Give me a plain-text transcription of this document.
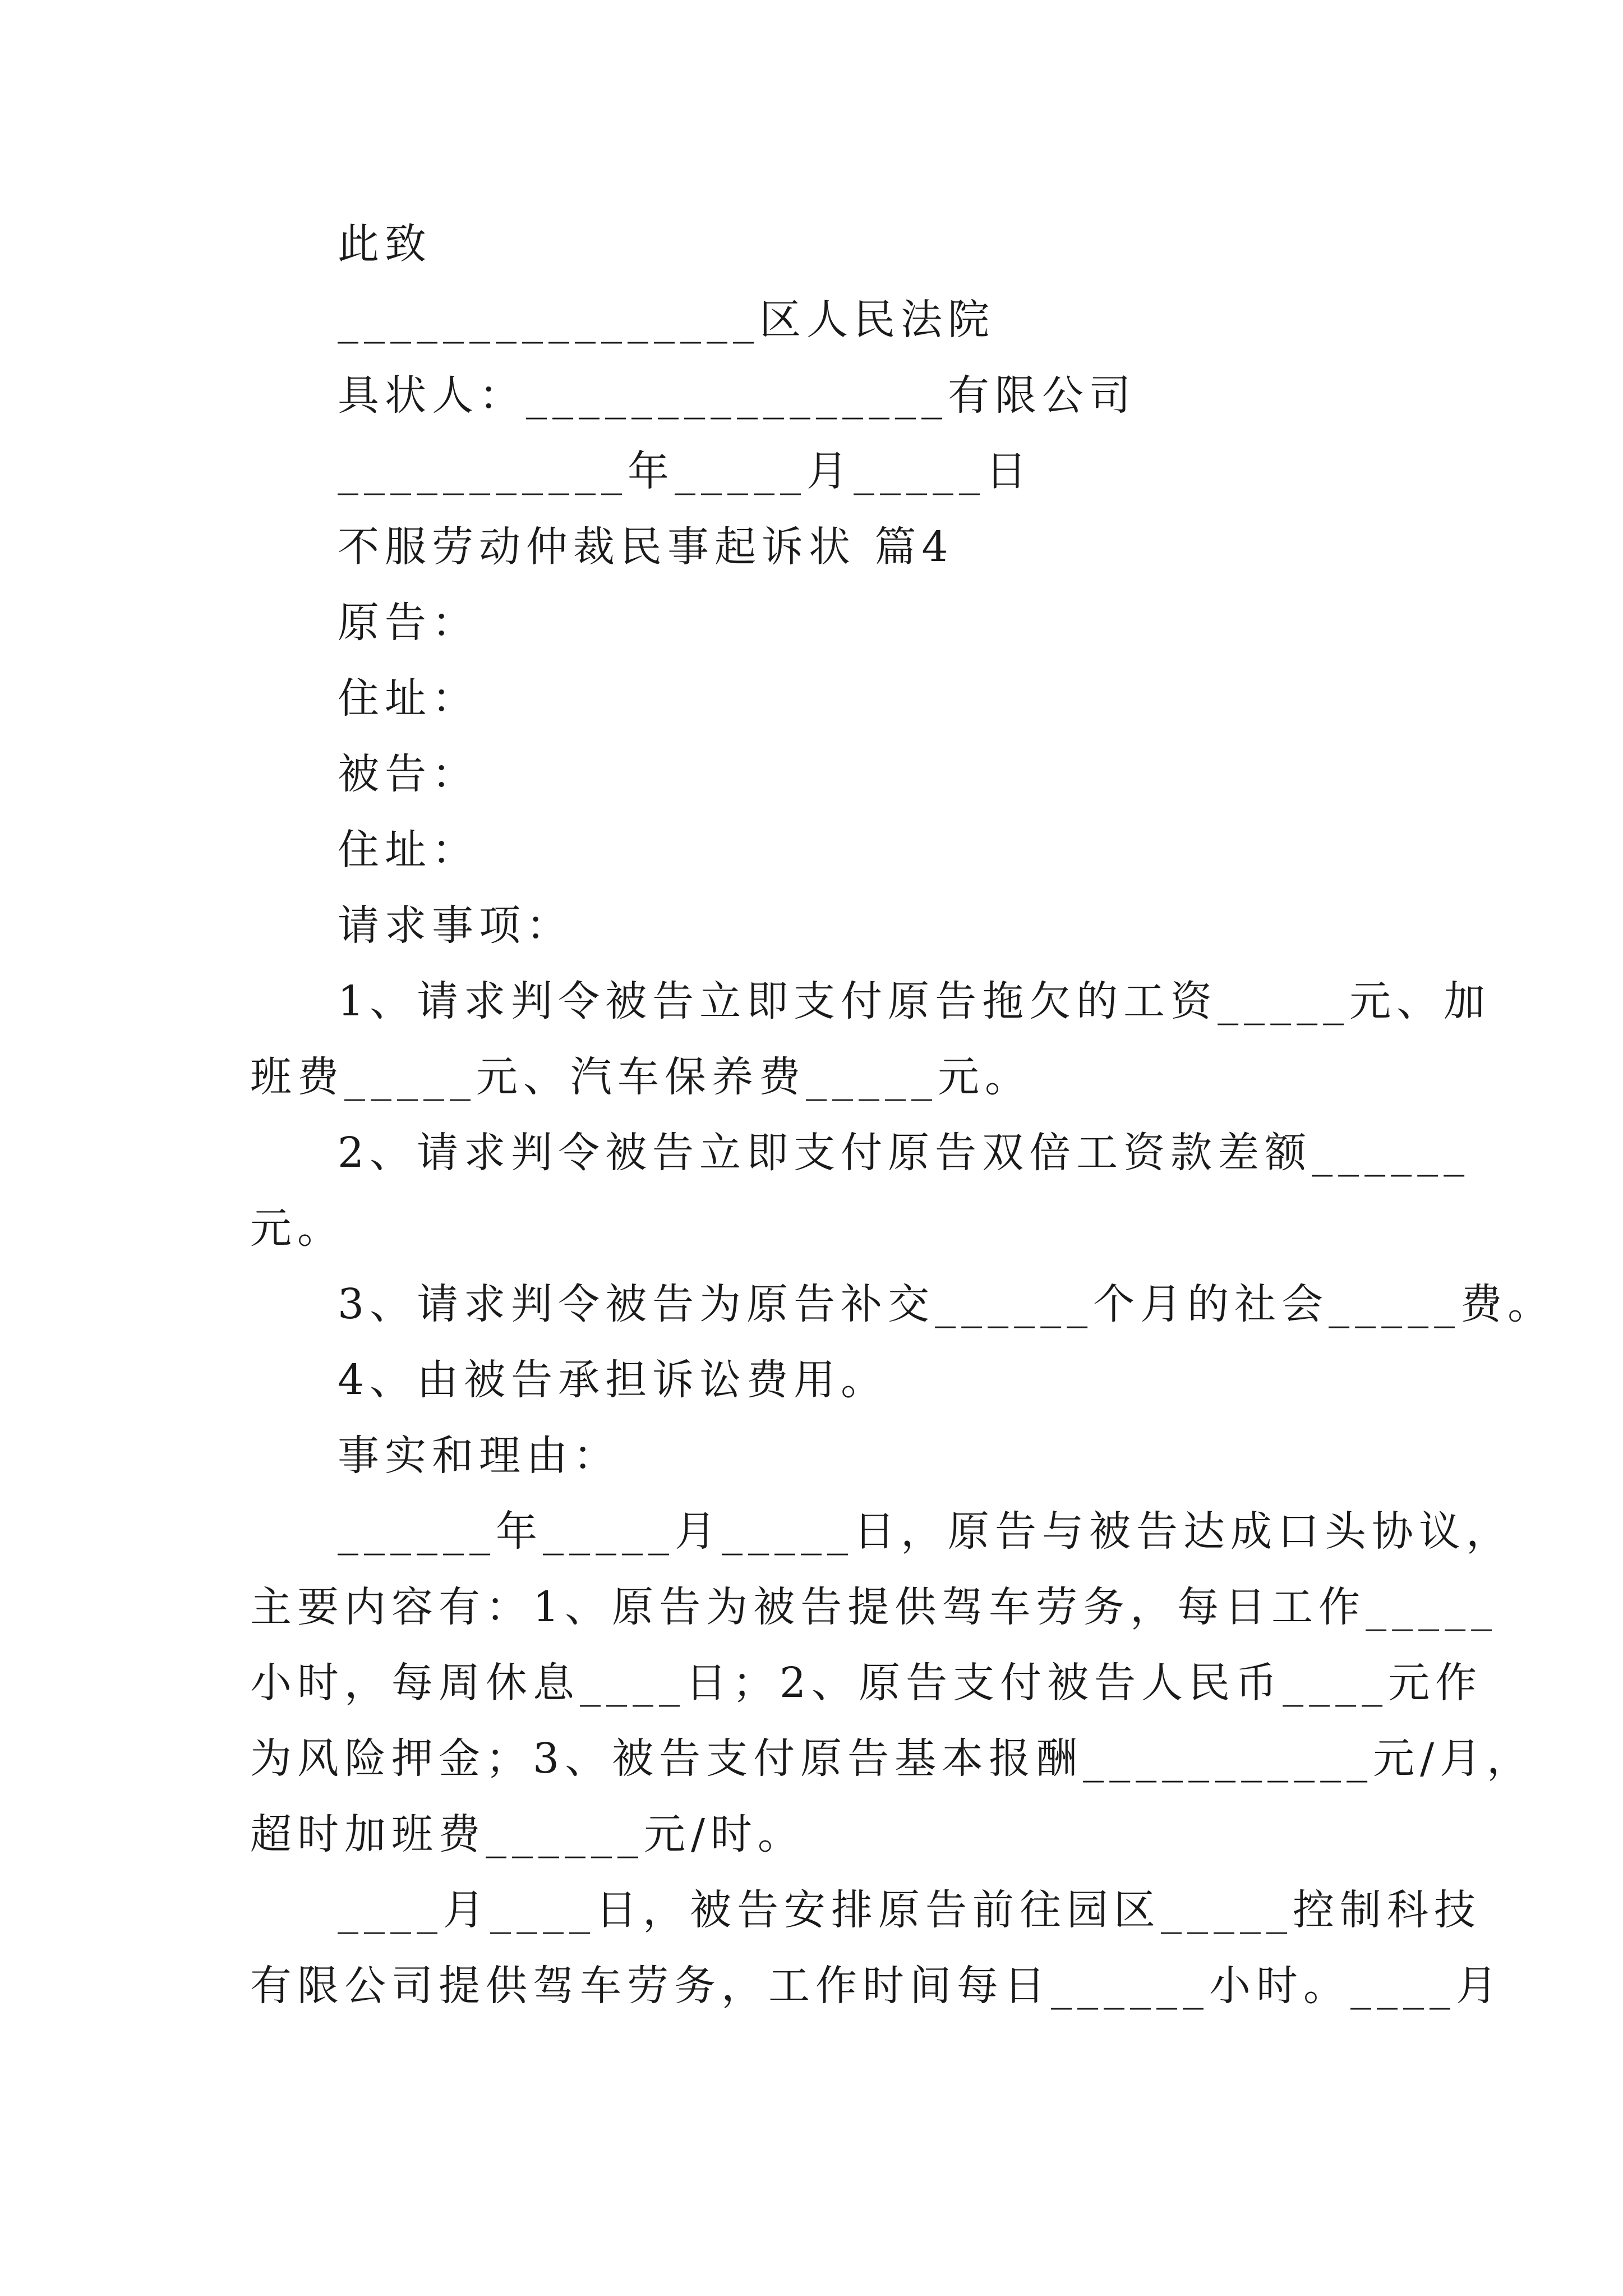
此致
________________区人民法院
具状人：________________有限公司
___________年_____月_____日
不服劳动仲裁民事起诉状 篇4
原告：
住址：
被告：
住址：
请求事项：
1、请求判令被告立即支付原告拖欠的工资_____元、加
班费_____元、汽车保养费_____元。
2、请求判令被告立即支付原告双倍工资款差额______
元。
3、请求判令被告为原告补交______个月的社会_____费。
4、由被告承担诉讼费用。
事实和理由：
______年_____月_____日，原告与被告达成口头协议，
主要内容有：1、原告为被告提供驾车劳务，每日工作_____
小时，每周休息____日；2、原告支付被告人民币____元作
为风险押金；3、被告支付原告基本报酬___________元/月，
超时加班费______元/时。
____月____日，被告安排原告前往园区_____控制科技
有限公司提供驾车劳务，工作时间每日______小时。____月
